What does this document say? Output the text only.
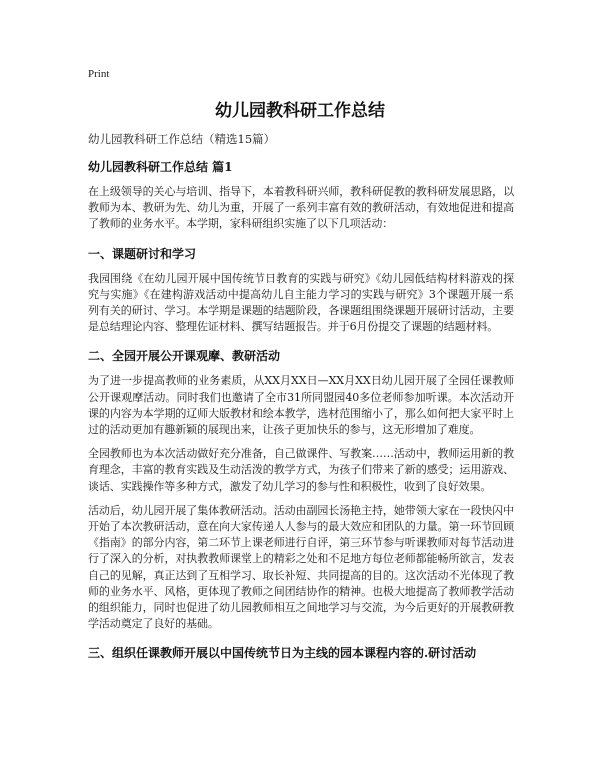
Print
幼儿园教科研工作总结
幼儿园教科研工作总结（精选15篇）
幼儿园教科研工作总结 篇1
在上级领导的关心与培训、指导下，本着教科研兴师，教科研促教的教科研发展思路，以教师为本、教研为先、幼儿为重，开展了一系列丰富有效的教研活动，有效地促进和提高了教师的业务水平。本学期，家科研组织实施了以下几项活动：
一、课题研讨和学习
我园围绕《在幼儿园开展中国传统节日教育的实践与研究》《幼儿园低结构材料游戏的探究与实施》《在建构游戏活动中提高幼儿自主能力学习的实践与研究》3个课题开展一系列有关的研讨、学习。本学期是课题的结题阶段，各课题组围绕课题开展研讨活动，主要是总结理论内容、整理佐证材料、撰写结题报告。并于6月份提交了课题的结题材料。
二、全园开展公开课观摩、教研活动
为了进一步提高教师的业务素质，从XX月XX日—XX月XX日幼儿园开展了全园任课教师公开课观摩活动。同时我们也邀请了全市31所同盟园40多位老师参加听课。本次活动开课的内容为本学期的辽师大版教材和绘本教学，选材范围缩小了，那么如何把大家平时上过的活动更加有趣新颖的展现出来，让孩子更加快乐的参与，这无形增加了难度。
全园教师也为本次活动做好充分准备，自己做课件、写教案……活动中，教师运用新的教育理念，丰富的教育实践及生动活泼的教学方式，为孩子们带来了新的感受；运用游戏、谈话、实践操作等多种方式，激发了幼儿学习的参与性和积极性，收到了良好效果。
活动后，幼儿园开展了集体教研活动。活动由副园长汤艳主持，她带领大家在一段快闪中开始了本次教研活动，意在向大家传递人人参与的最大效应和团队的力量。第一环节回顾《指南》的部分内容，第二环节上课老师进行自评，第三环节参与听课教师对每节活动进行了深入的分析，对执教教师课堂上的精彩之处和不足地方每位老师都能畅所欲言，发表自己的见解，真正达到了互相学习、取长补短、共同提高的目的。这次活动不光体现了教师的业务水平、风格，更体现了教师之间团结协作的精神。也极大地提高了教师教学活动的组织能力，同时也促进了幼儿园教师相互之间地学习与交流，为今后更好的开展教研教学活动奠定了良好的基础。
三、组织任课教师开展以中国传统节日为主线的园本课程内容的.研讨活动
